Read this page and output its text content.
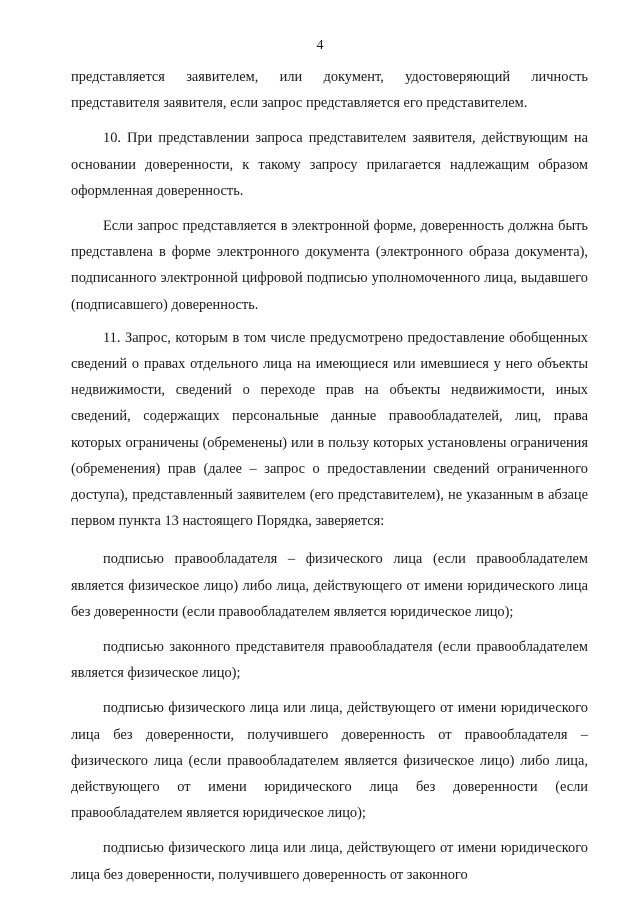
4

представляется заявителем, или документ, удостоверяющий личность представителя заявителя, если запрос представляется его представителем.

10. При представлении запроса представителем заявителя, действующим на основании доверенности, к такому запросу прилагается надлежащим образом оформленная доверенность.

Если запрос представляется в электронной форме, доверенность должна быть представлена в форме электронного документа (электронного образа документа), подписанного электронной цифровой подписью уполномоченного лица, выдавшего (подписавшего) доверенность.

11. Запрос, которым в том числе предусмотрено предоставление обобщенных сведений о правах отдельного лица на имеющиеся или имевшиеся у него объекты недвижимости, сведений о переходе прав на объекты недвижимости, иных сведений, содержащих персональные данные правообладателей, лиц, права которых ограничены (обременены) или в пользу которых установлены ограничения (обременения) прав (далее – запрос о предоставлении сведений ограниченного доступа), представленный заявителем (его представителем), не указанным в абзаце первом пункта 13 настоящего Порядка, заверяется:

подписью правообладателя – физического лица (если правообладателем является физическое лицо) либо лица, действующего от имени юридического лица без доверенности (если правообладателем является юридическое лицо);

подписью законного представителя правообладателя (если правообладателем является физическое лицо);

подписью физического лица или лица, действующего от имени юридического лица без доверенности, получившего доверенность от правообладателя – физического лица (если правообладателем является физическое лицо) либо лица, действующего от имени юридического лица без доверенности (если правообладателем является юридическое лицо);

подписью физического лица или лица, действующего от имени юридического лица без доверенности, получившего доверенность от законного
